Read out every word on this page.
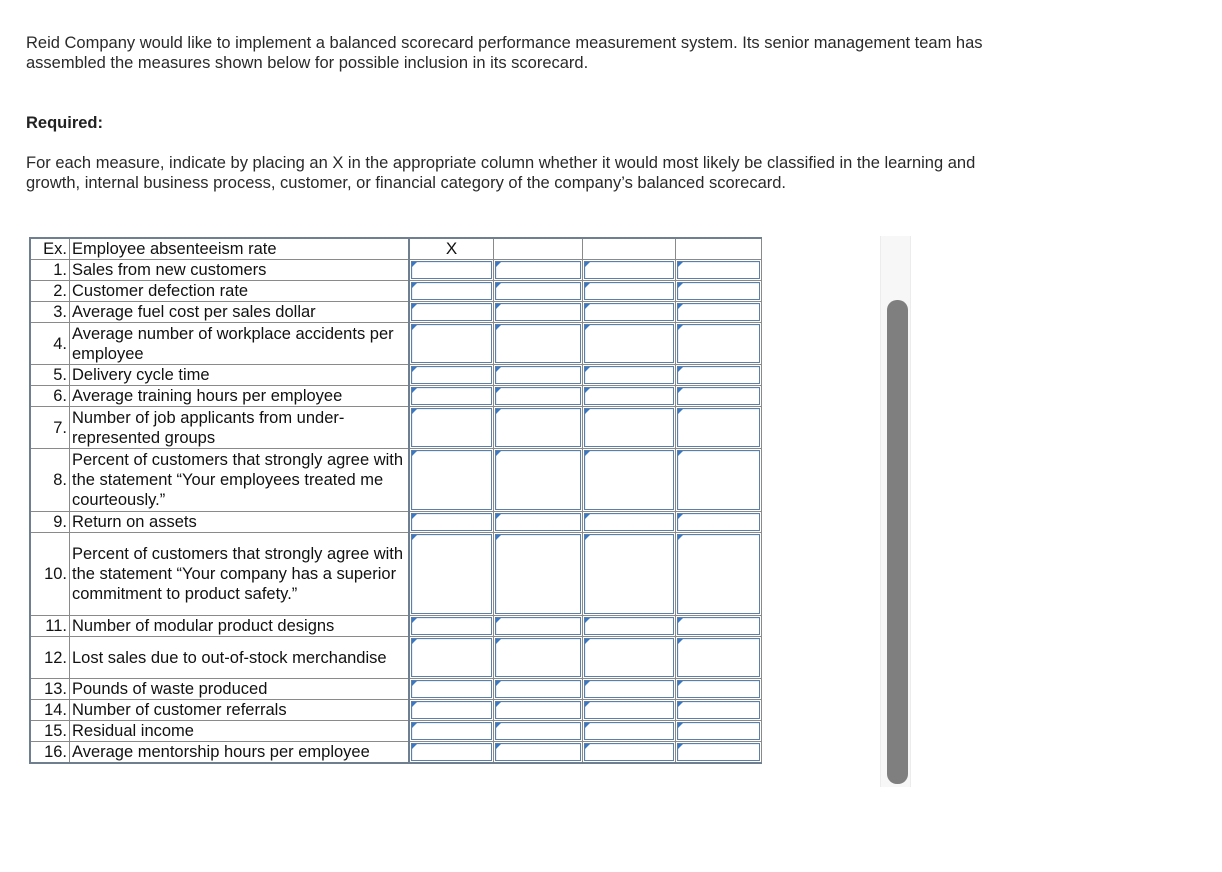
Reid Company would like to implement a balanced scorecard performance measurement system. Its senior management team has assembled the measures shown below for possible inclusion in its scorecard.

Required:

For each measure, indicate by placing an X in the appropriate column whether it would most likely be classified in the learning and growth, internal business process, customer, or financial category of the company’s balanced scorecard.

Ex.	Employee absenteeism rate	X			
1.	Sales from new customers	

2.	Customer defection rate	

3.	Average fuel cost per sales dollar	

4.	Average number of workplace accidents per employee	

5.	Delivery cycle time	

6.	Average training hours per employee	

7.	Number of job applicants from under-represented groups	

8.	Percent of customers that strongly agree with the statement “Your employees treated me courteously.”	

9.	Return on assets	

10.	Percent of customers that strongly agree with the statement “Your company has a superior commitment to product safety.”	

11.	Number of modular product designs	

12.	Lost sales due to out-of-stock merchandise	

13.	Pounds of waste produced	

14.	Number of customer referrals	

15.	Residual income	

16.	Average mentorship hours per employee	
